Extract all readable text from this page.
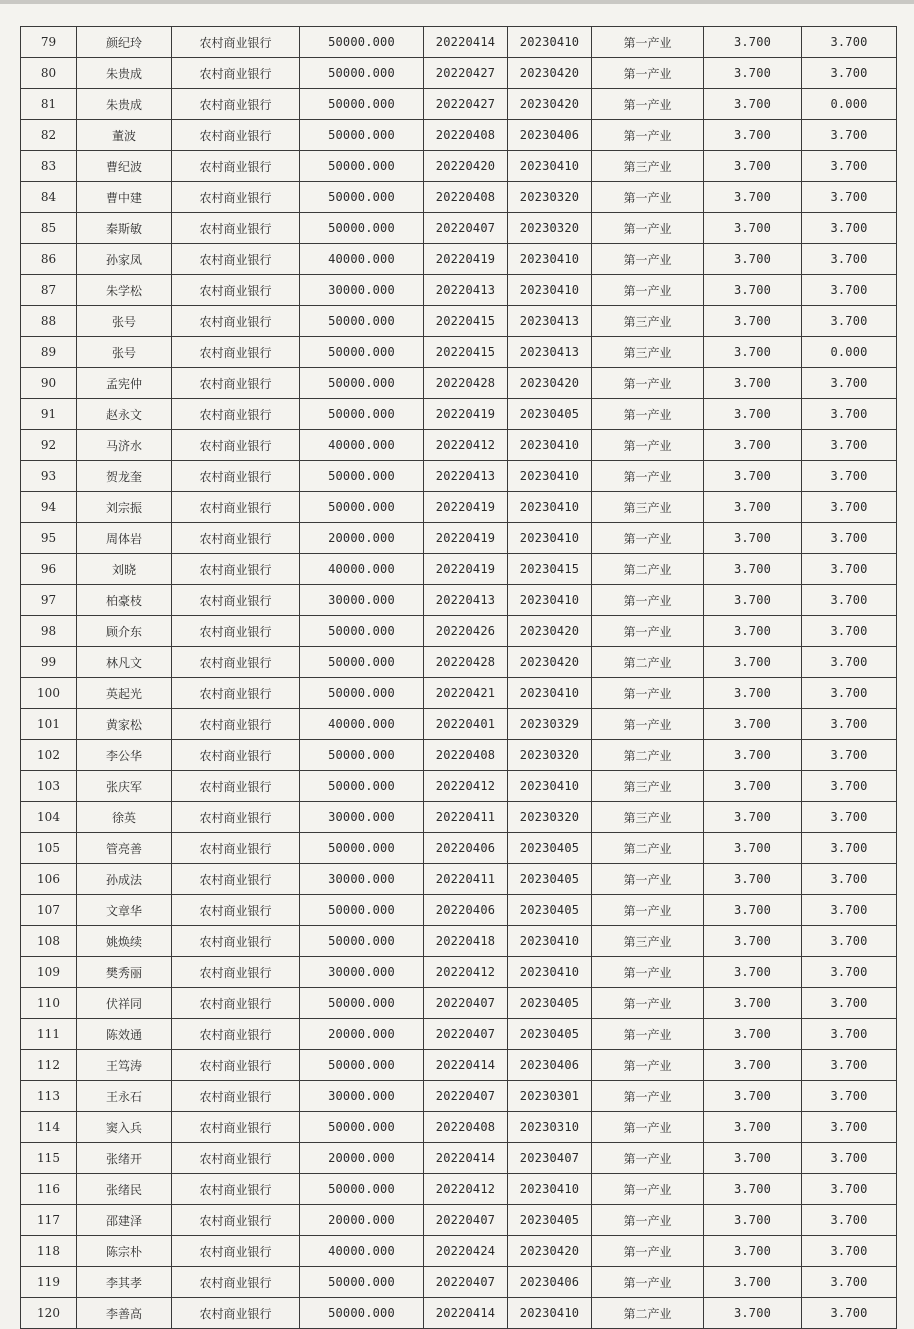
79	颜纪玲	农村商业银行	50000.000	20220414	20230410	第一产业	3.700	3.700
80	朱贵成	农村商业银行	50000.000	20220427	20230420	第一产业	3.700	3.700
81	朱贵成	农村商业银行	50000.000	20220427	20230420	第一产业	3.700	0.000
82	董波	农村商业银行	50000.000	20220408	20230406	第一产业	3.700	3.700
83	曹纪波	农村商业银行	50000.000	20220420	20230410	第三产业	3.700	3.700
84	曹中建	农村商业银行	50000.000	20220408	20230320	第一产业	3.700	3.700
85	秦斯敏	农村商业银行	50000.000	20220407	20230320	第一产业	3.700	3.700
86	孙家凤	农村商业银行	40000.000	20220419	20230410	第一产业	3.700	3.700
87	朱学松	农村商业银行	30000.000	20220413	20230410	第一产业	3.700	3.700
88	张号	农村商业银行	50000.000	20220415	20230413	第三产业	3.700	3.700
89	张号	农村商业银行	50000.000	20220415	20230413	第三产业	3.700	0.000
90	孟宪仲	农村商业银行	50000.000	20220428	20230420	第一产业	3.700	3.700
91	赵永文	农村商业银行	50000.000	20220419	20230405	第一产业	3.700	3.700
92	马济水	农村商业银行	40000.000	20220412	20230410	第一产业	3.700	3.700
93	贺龙奎	农村商业银行	50000.000	20220413	20230410	第一产业	3.700	3.700
94	刘宗振	农村商业银行	50000.000	20220419	20230410	第三产业	3.700	3.700
95	周体岩	农村商业银行	20000.000	20220419	20230410	第一产业	3.700	3.700
96	刘晓	农村商业银行	40000.000	20220419	20230415	第二产业	3.700	3.700
97	柏豪枝	农村商业银行	30000.000	20220413	20230410	第一产业	3.700	3.700
98	顾介东	农村商业银行	50000.000	20220426	20230420	第一产业	3.700	3.700
99	林凡文	农村商业银行	50000.000	20220428	20230420	第二产业	3.700	3.700
100	英起光	农村商业银行	50000.000	20220421	20230410	第一产业	3.700	3.700
101	黄家松	农村商业银行	40000.000	20220401	20230329	第一产业	3.700	3.700
102	李公华	农村商业银行	50000.000	20220408	20230320	第二产业	3.700	3.700
103	张庆军	农村商业银行	50000.000	20220412	20230410	第三产业	3.700	3.700
104	徐英	农村商业银行	30000.000	20220411	20230320	第三产业	3.700	3.700
105	管亮善	农村商业银行	50000.000	20220406	20230405	第二产业	3.700	3.700
106	孙成法	农村商业银行	30000.000	20220411	20230405	第一产业	3.700	3.700
107	文章华	农村商业银行	50000.000	20220406	20230405	第一产业	3.700	3.700
108	姚焕续	农村商业银行	50000.000	20220418	20230410	第三产业	3.700	3.700
109	樊秀丽	农村商业银行	30000.000	20220412	20230410	第一产业	3.700	3.700
110	伏祥同	农村商业银行	50000.000	20220407	20230405	第一产业	3.700	3.700
111	陈效通	农村商业银行	20000.000	20220407	20230405	第一产业	3.700	3.700
112	王笃涛	农村商业银行	50000.000	20220414	20230406	第一产业	3.700	3.700
113	王永石	农村商业银行	30000.000	20220407	20230301	第一产业	3.700	3.700
114	窦入兵	农村商业银行	50000.000	20220408	20230310	第一产业	3.700	3.700
115	张绪开	农村商业银行	20000.000	20220414	20230407	第一产业	3.700	3.700
116	张绪民	农村商业银行	50000.000	20220412	20230410	第一产业	3.700	3.700
117	邵建泽	农村商业银行	20000.000	20220407	20230405	第一产业	3.700	3.700
118	陈宗朴	农村商业银行	40000.000	20220424	20230420	第一产业	3.700	3.700
119	李其孝	农村商业银行	50000.000	20220407	20230406	第一产业	3.700	3.700
120	李善高	农村商业银行	50000.000	20220414	20230410	第二产业	3.700	3.700
